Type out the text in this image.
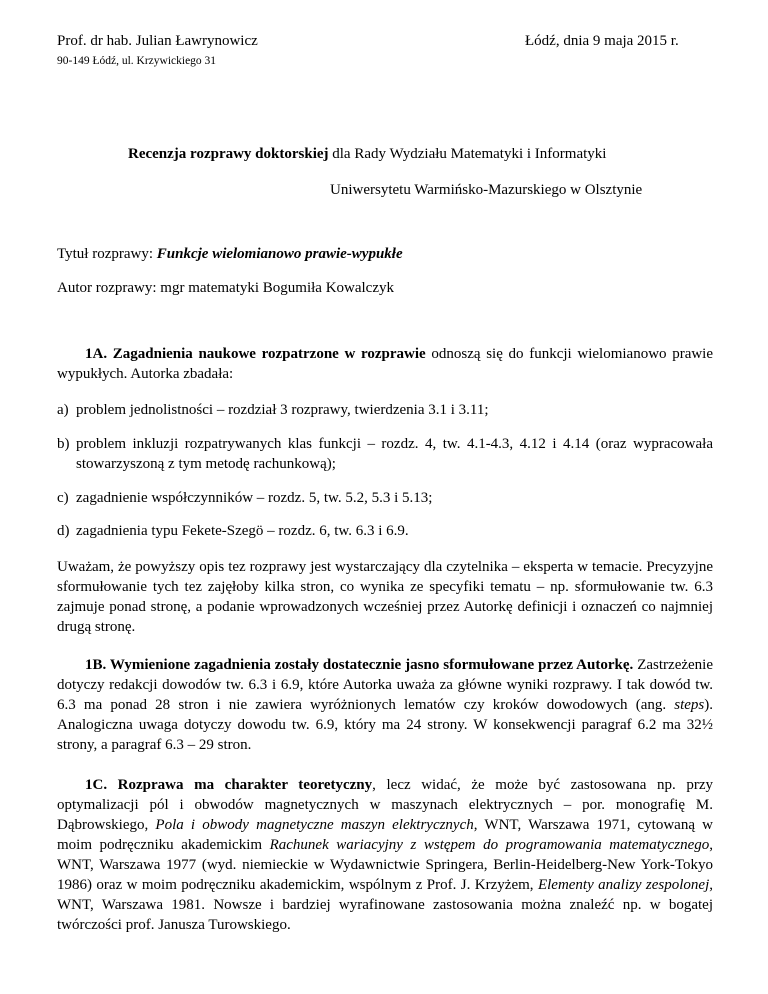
Prof. dr hab. Julian Ławrynowicz
90-149 Łódź, ul. Krzywickiego 31
Łódź, dnia 9 maja 2015 r.
Recenzja rozprawy doktorskiej dla Rady Wydziału Matematyki i Informatyki
Uniwersytetu Warmińsko-Mazurskiego w Olsztynie
Tytuł rozprawy: Funkcje wielomianowo prawie-wypukłe
Autor rozprawy: mgr matematyki Bogumiła Kowalczyk
1A. Zagadnienia naukowe rozpatrzone w rozprawie odnoszą się do funkcji wielomianowo prawie wypukłych. Autorka zbadała:
a) problem jednolistności – rozdział 3 rozprawy, twierdzenia 3.1 i 3.11;
b) problem inkluzji rozpatrywanych klas funkcji – rozdz. 4, tw. 4.1-4.3, 4.12 i 4.14 (oraz wypracowała stowarzyszoną z tym metodę rachunkową);
c) zagadnienie współczynników – rozdz. 5, tw. 5.2, 5.3 i 5.13;
d) zagadnienia typu Fekete-Szegö – rozdz. 6, tw. 6.3 i 6.9.
Uważam, że powyższy opis tez rozprawy jest wystarczający dla czytelnika – eksperta w temacie. Precyzyjne sformułowanie tych tez zajęłoby kilka stron, co wynika ze specyfiki tematu – np. sformułowanie tw. 6.3 zajmuje ponad stronę, a podanie wprowadzonych wcześniej przez Autorkę definicji i oznaczeń co najmniej drugą stronę.
1B. Wymienione zagadnienia zostały dostatecznie jasno sformułowane przez Autorkę. Zastrzeżenie dotyczy redakcji dowodów tw. 6.3 i 6.9, które Autorka uważa za główne wyniki rozprawy. I tak dowód tw. 6.3 ma ponad 28 stron i nie zawiera wyróżnionych lematów czy kroków dowodowych (ang. steps). Analogiczna uwaga dotyczy dowodu tw. 6.9, który ma 24 strony. W konsekwencji paragraf 6.2 ma 32½ strony, a paragraf 6.3 – 29 stron.
1C. Rozprawa ma charakter teoretyczny, lecz widać, że może być zastosowana np. przy optymalizacji pól i obwodów magnetycznych w maszynach elektrycznych – por. monografię M. Dąbrowskiego, Pola i obwody magnetyczne maszyn elektrycznych, WNT, Warszawa 1971, cytowaną w moim podręczniku akademickim Rachunek wariacyjny z wstępem do programowania matematycznego, WNT, Warszawa 1977 (wyd. niemieckie w Wydawnictwie Springera, Berlin-Heidelberg-New York-Tokyo 1986) oraz w moim podręczniku akademickim, wspólnym z Prof. J. Krzyżem, Elementy analizy zespolonej, WNT, Warszawa 1981. Nowsze i bardziej wyrafinowane zastosowania można znaleźć np. w bogatej twórczości prof. Janusza Turowskiego.
